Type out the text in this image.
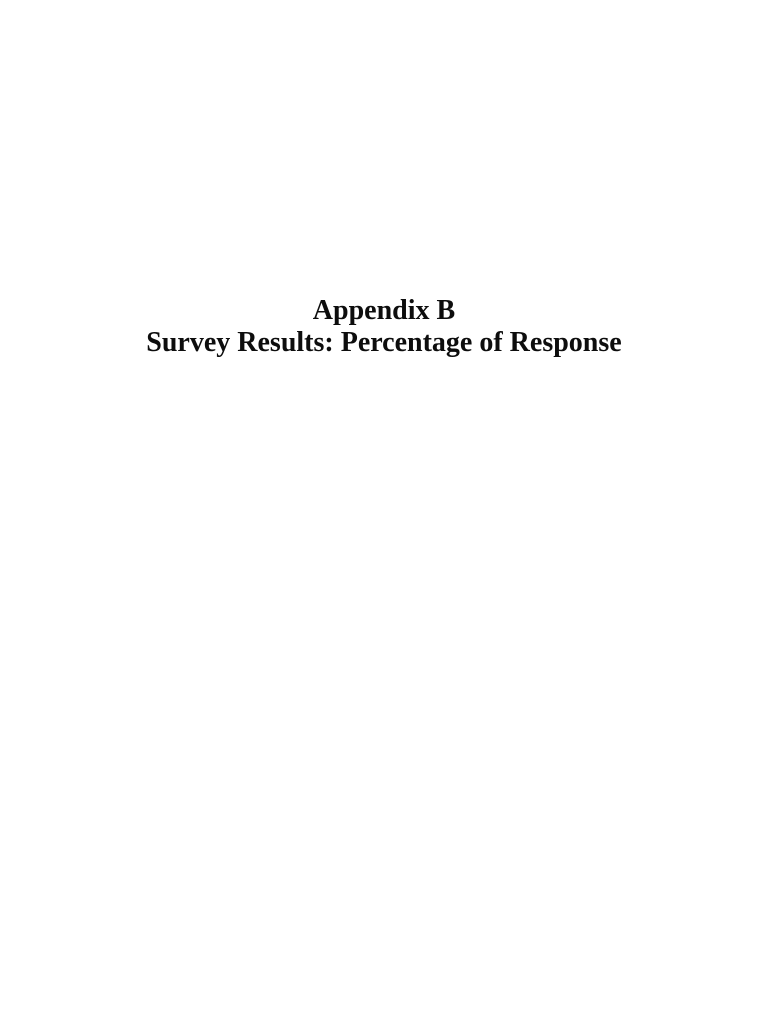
Appendix B
Survey Results: Percentage of Response
